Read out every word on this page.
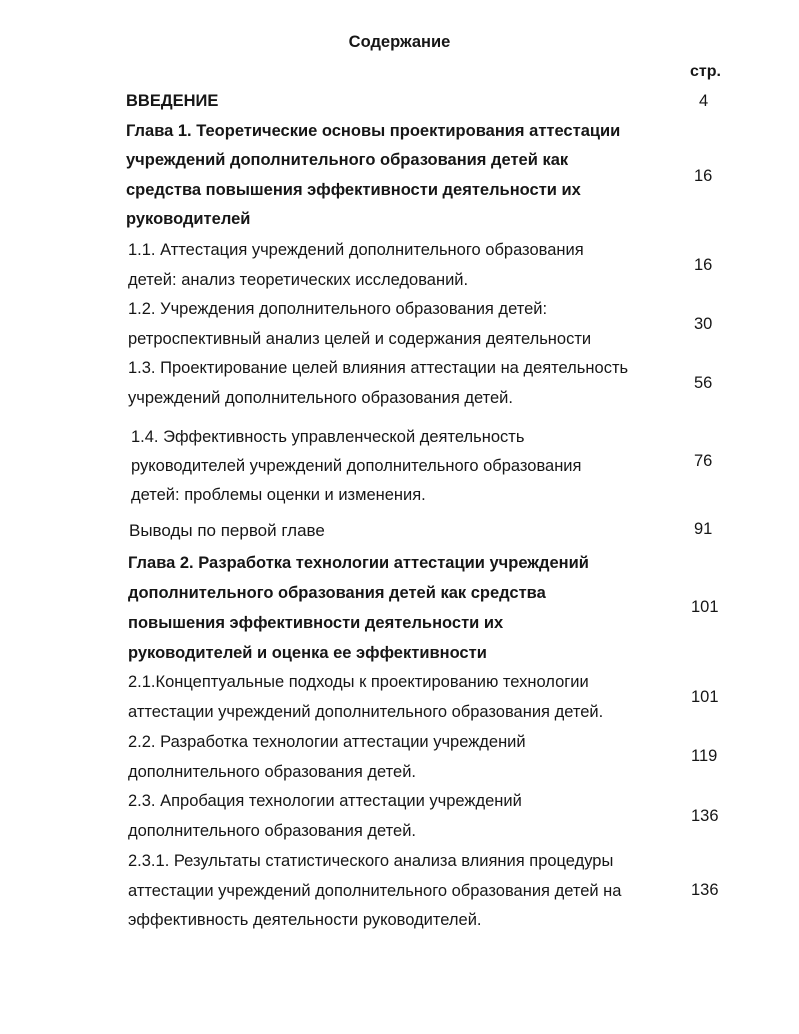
Содержание
стр.
ВВЕДЕНИЕ	4
Глава 1. Теоретические основы проектирования аттестации
учреждений дополнительного образования детей как
средства повышения эффективности деятельности их
руководителей
16
1.1. Аттестация учреждений дополнительного образования
детей: анализ теоретических исследований.
16
1.2. Учреждения дополнительного образования детей:
ретроспективный анализ целей и содержания деятельности
30
1.3. Проектирование целей влияния аттестации на деятельность
учреждений дополнительного образования детей.
56
1.4. Эффективность управленческой деятельность
руководителей учреждений дополнительного образования
детей: проблемы оценки и изменения.
76
Выводы по первой главе	91
Глава 2. Разработка технологии аттестации учреждений
дополнительного образования детей как средства
повышения эффективности деятельности их
руководителей и оценка ее эффективности
101
2.1.Концептуальные подходы к проектированию технологии
аттестации учреждений дополнительного образования детей.
101
2.2. Разработка технологии аттестации учреждений
дополнительного образования детей.
119
2.3. Апробация технологии аттестации учреждений
дополнительного образования детей.
136
2.3.1. Результаты статистического анализа влияния процедуры
аттестации учреждений дополнительного образования детей на
эффективность деятельности руководителей.
136
